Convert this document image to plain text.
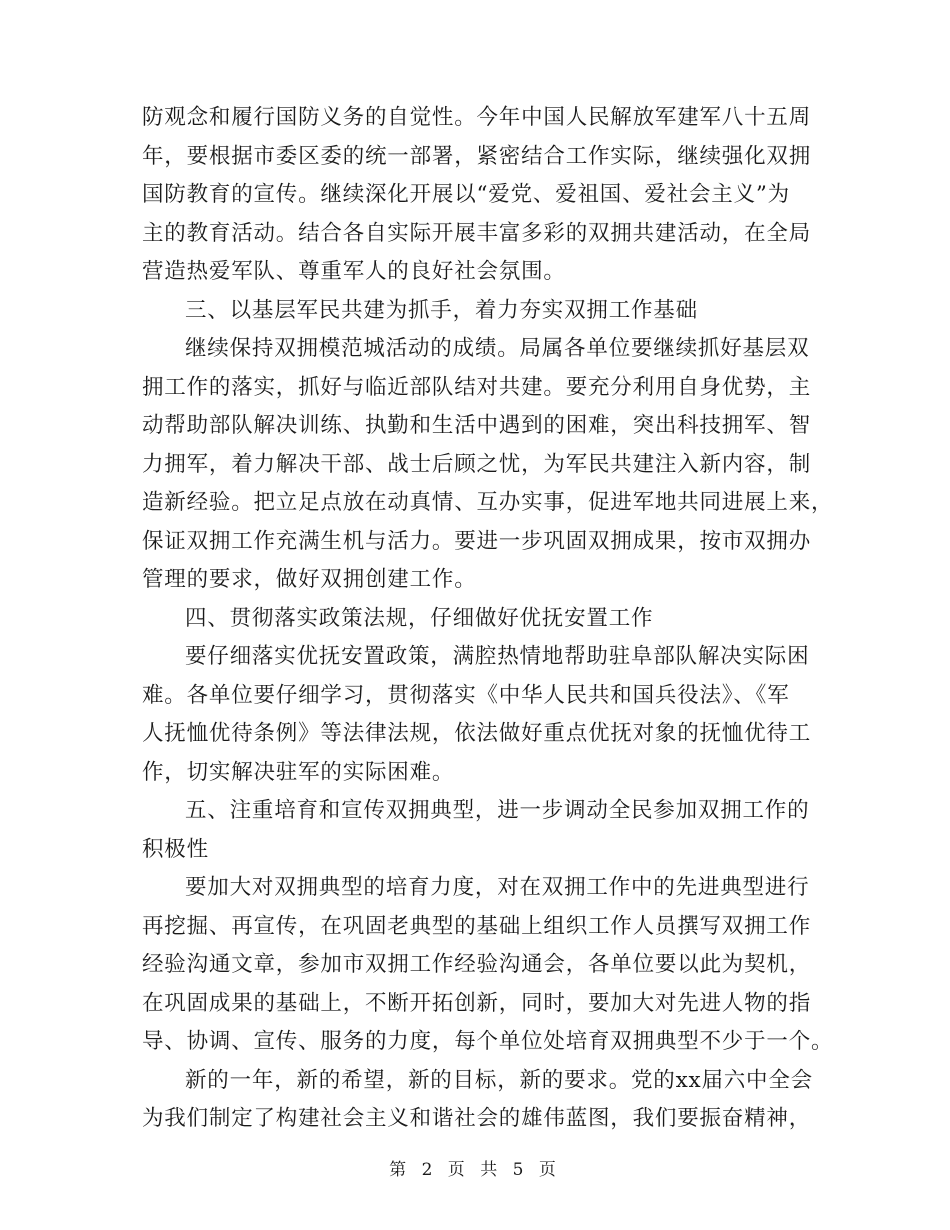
防观念和履行国防义务的自觉性。今年中国人民解放军建军八十五周
年，要根据市委区委的统一部署，紧密结合工作实际，继续强化双拥
国防教育的宣传。继续深化开展以“爱党、爱祖国、爱社会主义”为
主的教育活动。结合各自实际开展丰富多彩的双拥共建活动，在全局
营造热爱军队、尊重军人的良好社会氛围。
三、以基层军民共建为抓手，着力夯实双拥工作基础
继续保持双拥模范城活动的成绩。局属各单位要继续抓好基层双
拥工作的落实，抓好与临近部队结对共建。要充分利用自身优势，主
动帮助部队解决训练、执勤和生活中遇到的困难，突出科技拥军、智
力拥军，着力解决干部、战士后顾之忧，为军民共建注入新内容，制
造新经验。把立足点放在动真情、互办实事，促进军地共同进展上来，
保证双拥工作充满生机与活力。要进一步巩固双拥成果，按市双拥办
管理的要求，做好双拥创建工作。
四、贯彻落实政策法规，仔细做好优抚安置工作
要仔细落实优抚安置政策，满腔热情地帮助驻阜部队解决实际困
难。各单位要仔细学习，贯彻落实《中华人民共和国兵役法》、《军
人抚恤优待条例》等法律法规，依法做好重点优抚对象的抚恤优待工
作，切实解决驻军的实际困难。
五、注重培育和宣传双拥典型，进一步调动全民参加双拥工作的
积极性
要加大对双拥典型的培育力度，对在双拥工作中的先进典型进行
再挖掘、再宣传，在巩固老典型的基础上组织工作人员撰写双拥工作
经验沟通文章，参加市双拥工作经验沟通会，各单位要以此为契机，
在巩固成果的基础上，不断开拓创新，同时，要加大对先进人物的指
导、协调、宣传、服务的力度，每个单位处培育双拥典型不少于一个。
新的一年，新的希望，新的目标，新的要求。党的xx届六中全会
为我们制定了构建社会主义和谐社会的雄伟蓝图，我们要振奋精神，
第 2 页 共 5 页
